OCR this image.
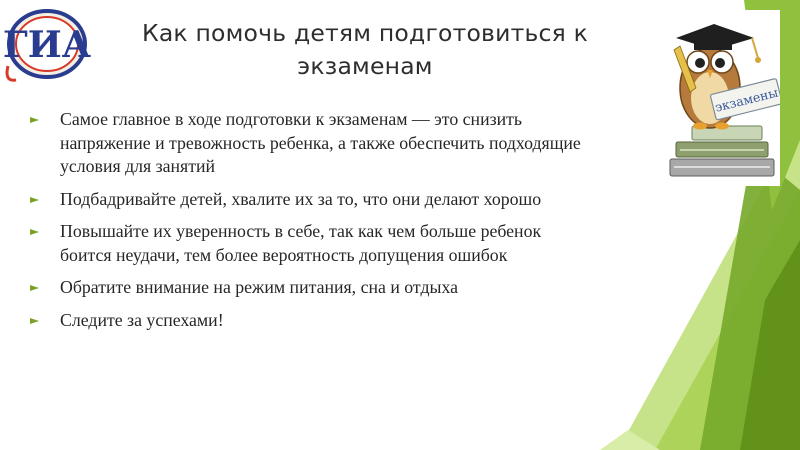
ГИА	Как помочь детям подготовиться к
экзаменам
Самое главное в ходе подготовки к экзаменам — это снизить напряжение и тревожность ребенка, а также обеспечить подходящие условия для занятий
Подбадривайте детей, хвалите их за то, что они делают хорошо
Повышайте их уверенность в себе, так как чем больше ребенок боится неудачи, тем более вероятность допущения ошибок
Обратите внимание на режим питания, сна и отдыха
Следите за успехами!
экзамены
